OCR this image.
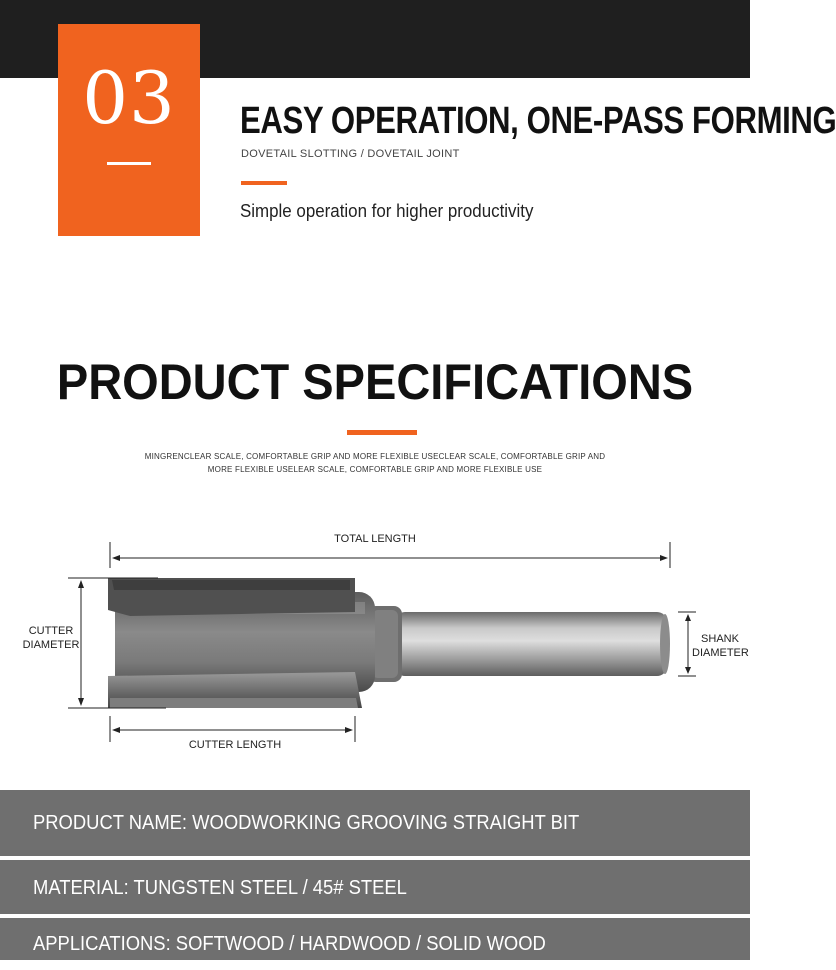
03	EASY OPERATION, ONE-PASS FORMING
DOVETAIL SLOTTING / DOVETAIL JOINT
Simple operation for higher productivity
PRODUCT SPECIFICATIONS
MINGRENCLEAR SCALE, COMFORTABLE GRIP AND MORE FLEXIBLE USECLEAR SCALE, COMFORTABLE GRIP AND MORE FLEXIBLE USELEAR SCALE, COMFORTABLE GRIP AND MORE FLEXIBLE USE
TOTAL LENGTH
CUTTER DIAMETER	SHANK DIAMETER
CUTTER LENGTH
PRODUCT NAME: WOODWORKING GROOVING STRAIGHT BIT
MATERIAL: TUNGSTEN STEEL / 45# STEEL
APPLICATIONS: SOFTWOOD / HARDWOOD / SOLID WOOD
